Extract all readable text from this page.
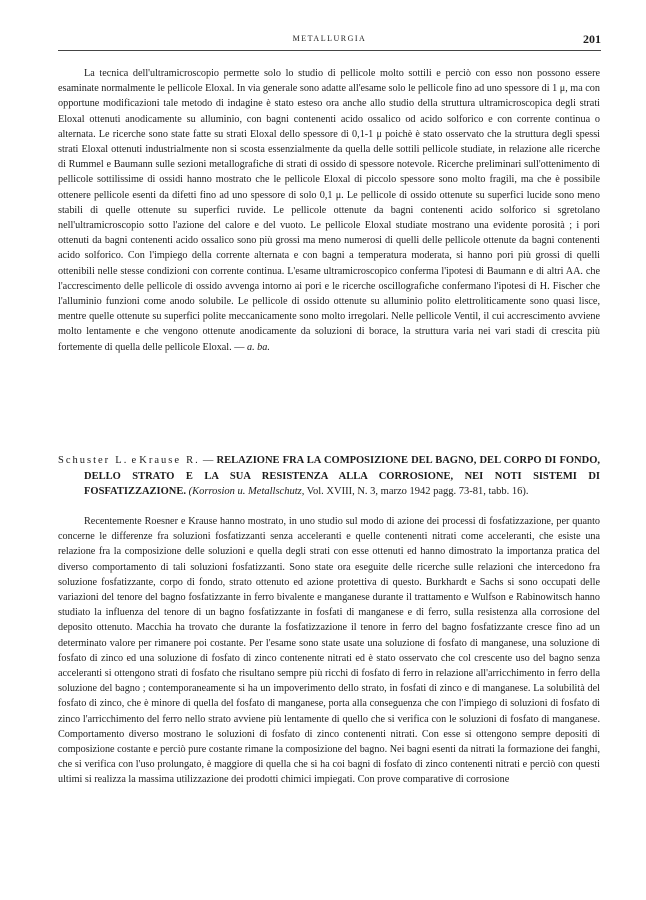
METALLURGIA	201

La tecnica dell'ultramicroscopio permette solo lo studio di pellicole molto sottili e perciò con esso non possono essere esaminate normalmente le pellicole Eloxal. In via generale sono adatte all'esame solo le pellicole fino ad uno spessore di 1 μ, ma con opportune modificazioni tale metodo di indagine è stato esteso ora anche allo studio della struttura ultramicroscopica degli strati Eloxal ottenuti anodicamente su alluminio, con bagni contenenti acido ossalico od acido solforico e con corrente continua o alternata. Le ricerche sono state fatte su strati Eloxal dello spessore di 0,1-1 μ poichè è stato osservato che la struttura degli spessi strati Eloxal ottenuti industrialmente non si scosta essenzialmente da quella delle sottili pellicole studiate, in relazione alle ricerche di Rummel e Baumann sulle sezioni metallografiche di strati di ossido di spessore notevole. Ricerche preliminari sull'ottenimento di pellicole sottilissime di ossidi hanno mostrato che le pellicole Eloxal di piccolo spessore sono molto fragili, ma che è possibile ottenere pellicole esenti da difetti fino ad uno spessore di solo 0,1 μ. Le pellicole di ossido ottenute su superfici lucide sono meno stabili di quelle ottenute su superfici ruvide. Le pellicole ottenute da bagni contenenti acido solforico si sgretolano nell'ultramicroscopio sotto l'azione del calore e del vuoto. Le pellicole Eloxal studiate mostrano una evidente porosità ; i pori ottenuti da bagni contenenti acido ossalico sono più grossi ma meno numerosi di quelli delle pellicole ottenute da bagni contenenti acido solforico. Con l'impiego della corrente alternata e con bagni a temperatura moderata, si hanno pori più grossi di quelli ottenibili nelle stesse condizioni con corrente continua. L'esame ultramicroscopico conferma l'ipotesi di Baumann e di altri AA. che l'accrescimento delle pellicole di ossido avvenga intorno ai pori e le ricerche oscillografiche confermano l'ipotesi di H. Fischer che l'alluminio funzioni come anodo solubile. Le pellicole di ossido ottenute su alluminio polito elettroliticamente sono quasi lisce, mentre quelle ottenute su superfici polite meccanicamente sono molto irregolari. Nelle pellicole Ventil, il cui accrescimento avviene molto lentamente e che vengono ottenute anodicamente da soluzioni di borace, la struttura varia nei vari stadi di crescita più fortemente di quella delle pellicole Eloxal. — a. ba.

Schuster L. e Krause R. — RELAZIONE FRA LA COMPOSIZIONE DEL BAGNO, DEL CORPO DI FONDO, DELLO STRATO E LA SUA RESISTENZA ALLA CORROSIONE, NEI NOTI SISTEMI DI FOSFATIZZAZIONE. (Korrosion u. Metallschutz, Vol. XVIII, N. 3, marzo 1942 pagg. 73-81, tabb. 16).

Recentemente Roesner e Krause hanno mostrato, in uno studio sul modo di azione dei processi di fosfatizzazione, per quanto concerne le differenze fra soluzioni fosfatizzanti senza acceleranti e quelle contenenti nitrati come acceleranti, che esiste una relazione fra la composizione delle soluzioni e quella degli strati con esse ottenuti ed hanno dimostrato la importanza pratica del diverso comportamento di tali soluzioni fosfatizzanti. Sono state ora eseguite delle ricerche sulle relazioni che intercedono fra soluzione fosfatizzante, corpo di fondo, strato ottenuto ed azione protettiva di questo. Burkhardt e Sachs si sono occupati delle variazioni del tenore del bagno fosfatizzante in ferro bivalente e manganese durante il trattamento e Wulfson e Rabinowitsch hanno studiato la influenza del tenore di un bagno fosfatizzante in fosfati di manganese e di ferro, sulla resistenza alla corrosione del deposito ottenuto. Macchia ha trovato che durante la fosfatizzazione il tenore in ferro del bagno fosfatizzante cresce fino ad un determinato valore per rimanere poi costante. Per l'esame sono state usate una soluzione di fosfato di manganese, una soluzione di fosfato di zinco ed una soluzione di fosfato di zinco contenente nitrati ed è stato osservato che col crescente uso del bagno senza acceleranti si ottengono strati di fosfato che risultano sempre più ricchi di fosfato di ferro in relazione all'arricchimento in ferro della soluzione del bagno ; contemporaneamente si ha un impoverimento dello strato, in fosfati di zinco e di manganese. La solubilità del fosfato di zinco, che è minore di quella del fosfato di manganese, porta alla conseguenza che con l'impiego di soluzioni di fosfato di zinco l'arricchimento del ferro nello strato avviene più lentamente di quello che si verifica con le soluzioni di fosfato di manganese. Comportamento diverso mostrano le soluzioni di fosfato di zinco contenenti nitrati. Con esse si ottengono sempre depositi di composizione costante e perciò pure costante rimane la composizione del bagno. Nei bagni esenti da nitrati la formazione dei fanghi, che si verifica con l'uso prolungato, è maggiore di quella che si ha coi bagni di fosfato di zinco contenenti nitrati e perciò con questi ultimi si realizza la massima utilizzazione dei prodotti chimici impiegati. Con prove comparative di corrosione
